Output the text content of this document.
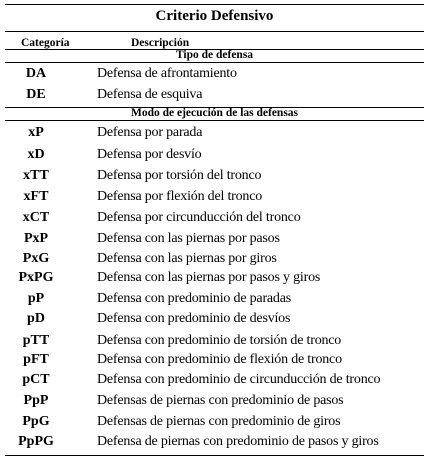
Criterio Defensivo
Categoría	Descripción
Tipo de defensa
DA	Defensa de afrontamiento
DE	Defensa de esquiva
Modo de ejecución de las defensas
xP	Defensa por parada
xD	Defensa por desvío
xTT	Defensa por torsión del tronco
xFT	Defensa por flexión del tronco
xCT	Defensa por circunducción del tronco
PxP	Defensa con las piernas por pasos
PxG	Defensa con las piernas por giros
PxPG	Defensa con las piernas por pasos y giros
pP	Defensa con predominio de paradas
pD	Defensa con predominio de desvíos
pTT	Defensa con predominio de torsión de tronco
pFT	Defensa con predominio de flexión de tronco
pCT	Defensa con predominio de circunducción de tronco
PpP	Defensas de piernas con predominio de pasos
PpG	Defensas de piernas con predominio de giros
PpPG	Defensa de piernas con predominio de pasos y giros
